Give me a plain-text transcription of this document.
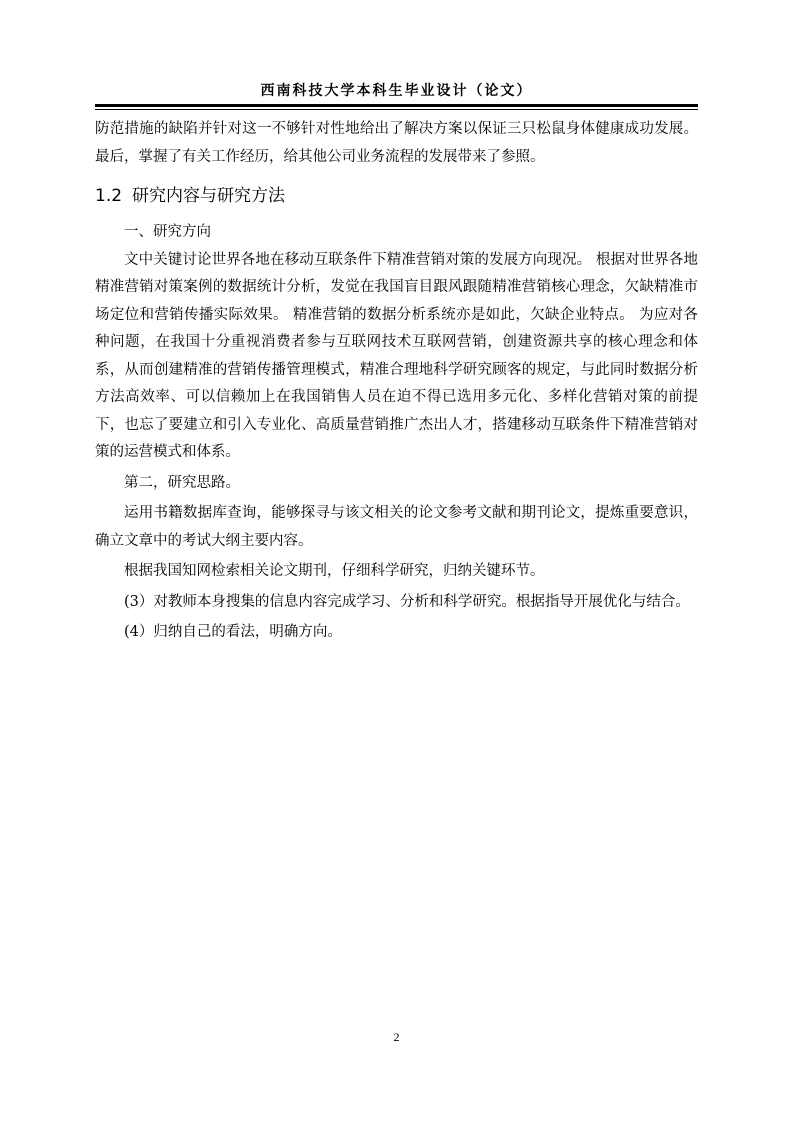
西南科技大学本科生毕业设计（论文）

防范措施的缺陷并针对这一不够针对性地给出了解决方案以保证三只松鼠身体健康成功发展。最后，掌握了有关工作经历，给其他公司业务流程的发展带来了参照。

1.2 研究内容与研究方法

一、研究方向

文中关键讨论世界各地在移动互联条件下精准营销对策的发展方向现况。 根据对世界各地精准营销对策案例的数据统计分析，发觉在我国盲目跟风跟随精准营销核心理念，欠缺精准市场定位和营销传播实际效果。 精准营销的数据分析系统亦是如此，欠缺企业特点。 为应对各种问题，在我国十分重视消费者参与互联网技术互联网营销，创建资源共享的核心理念和体系，从而创建精准的营销传播管理模式，精准合理地科学研究顾客的规定，与此同时数据分析方法高效率、可以信赖加上在我国销售人员在迫不得已选用多元化、多样化营销对策的前提下，也忘了要建立和引入专业化、高质量营销推广杰出人才，搭建移动互联条件下精准营销对策的运营模式和体系。

第二，研究思路。

运用书籍数据库查询，能够探寻与该文相关的论文参考文献和期刊论文，提炼重要意识，确立文章中的考试大纲主要内容。

根据我国知网检索相关论文期刊，仔细科学研究，归纳关键环节。

(3）对教师本身搜集的信息内容完成学习、分析和科学研究。根据指导开展优化与结合。

(4）归纳自己的看法，明确方向。

2
